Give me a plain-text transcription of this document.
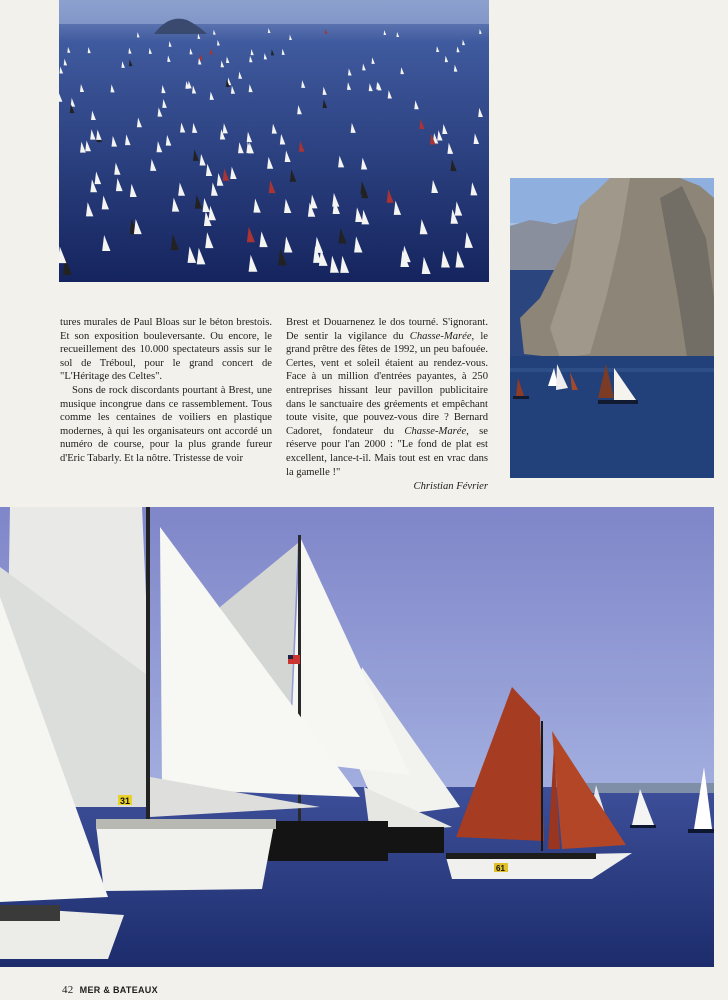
31
61

tures murales de Paul Bloas sur le béton brestois. Et son exposition bouleversante. Ou encore, le recueillement des 10.000 spectateurs assis sur le sol de Tréboul, pour le grand concert de "L'Héritage des Celtes".

Sons de rock discordants pourtant à Brest, une musique incongrue dans ce rassemblement. Tous comme les centaines de voiliers en plastique modernes, à qui les organisateurs ont accordé un numéro de course, pour la plus grande fureur d'Eric Tabarly. Et la nôtre. Tristesse de voir

Brest et Douarnenez le dos tourné. S'ignorant. De sentir la vigilance du Chasse-Marée, le grand prêtre des fêtes de 1992, un peu bafouée. Certes, vent et soleil étaient au rendez-vous. Face à un million d'entrées payantes, à 250 entreprises hissant leur pavillon publicitaire dans le sanctuaire des gréements et empêchant toute visite, que pouvez-vous dire ? Bernard Cadoret, fondateur du Chasse-Marée, se réserve pour l'an 2000 : "Le fond de plat est excellent, lance-t-il. Mais tout est en vrac dans la gamelle !"

Christian Février
42 MER & BATEAUX
